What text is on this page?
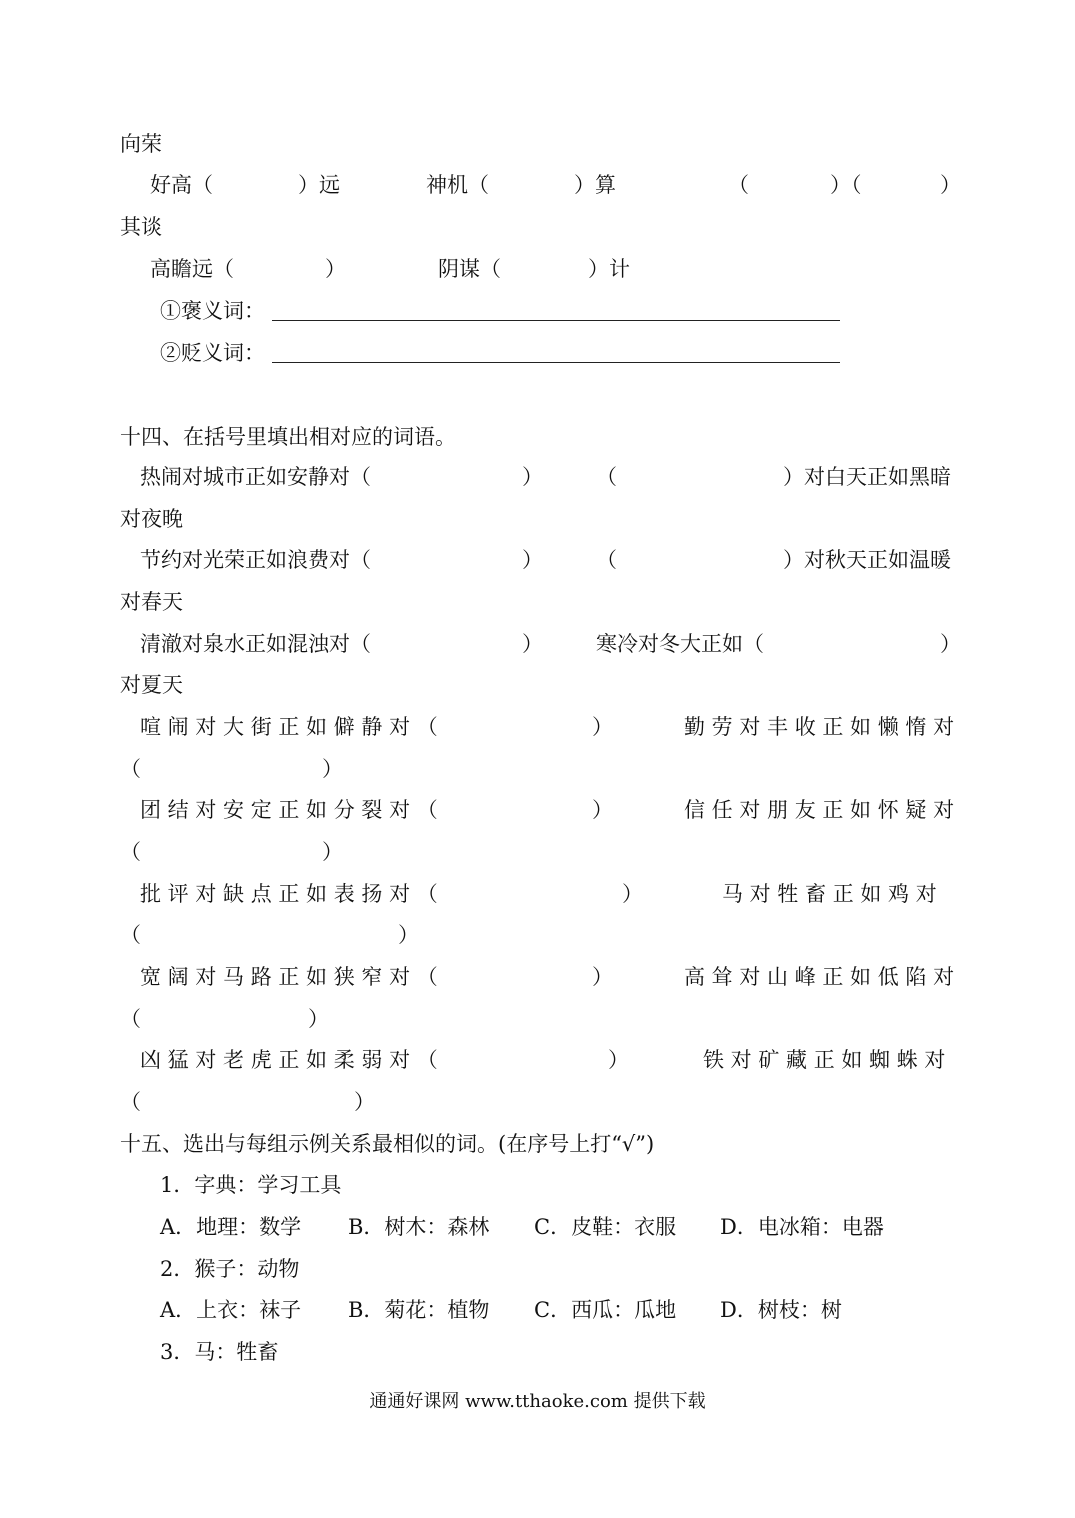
向荣
好高（	）远	神机（	）算	（	）（	）
其谈
高瞻远（	）	阴谋（	）计
①褒义词：
②贬义词：
十四、在括号里填出相对应的词语。
热闹对城市正如安静对（	）	（	）对白天正如黑暗
对夜晚
节约对光荣正如浪费对（	）	（	）对秋天正如温暖
对春天
清澈对泉水正如混浊对（	）	寒冷对冬大正如（	）
对夏天
喧 闹 对 大 街 正 如 僻 静 对 （	）	勤 劳 对 丰 收 正 如 懒 惰 对
（	）
团 结 对 安 定 正 如 分 裂 对 （	）	信 任 对 朋 友 正 如 怀 疑 对
（	）
批 评 对 缺 点 正 如 表 扬 对 （	）	马 对 牲 畜 正 如 鸡 对
（	）
宽 阔 对 马 路 正 如 狭 窄 对 （	）	高 耸 对 山 峰 正 如 低 陷 对
（	）
凶 猛 对 老 虎 正 如 柔 弱 对 （	）	铁 对 矿 藏 正 如 蜘 蛛 对
（	）
十五、选出与每组示例关系最相似的词。(在序号上打“√”)
1．字典：学习工具
A．地理：数学 B．树木：森林 C．皮鞋：衣服 D．电冰箱：电器
2．猴子：动物
A．上衣：袜子 B．菊花：植物 C．西瓜：瓜地 D．树枝：树
3．马：牲畜
通通好课网 www.tthaoke.com 提供下载
